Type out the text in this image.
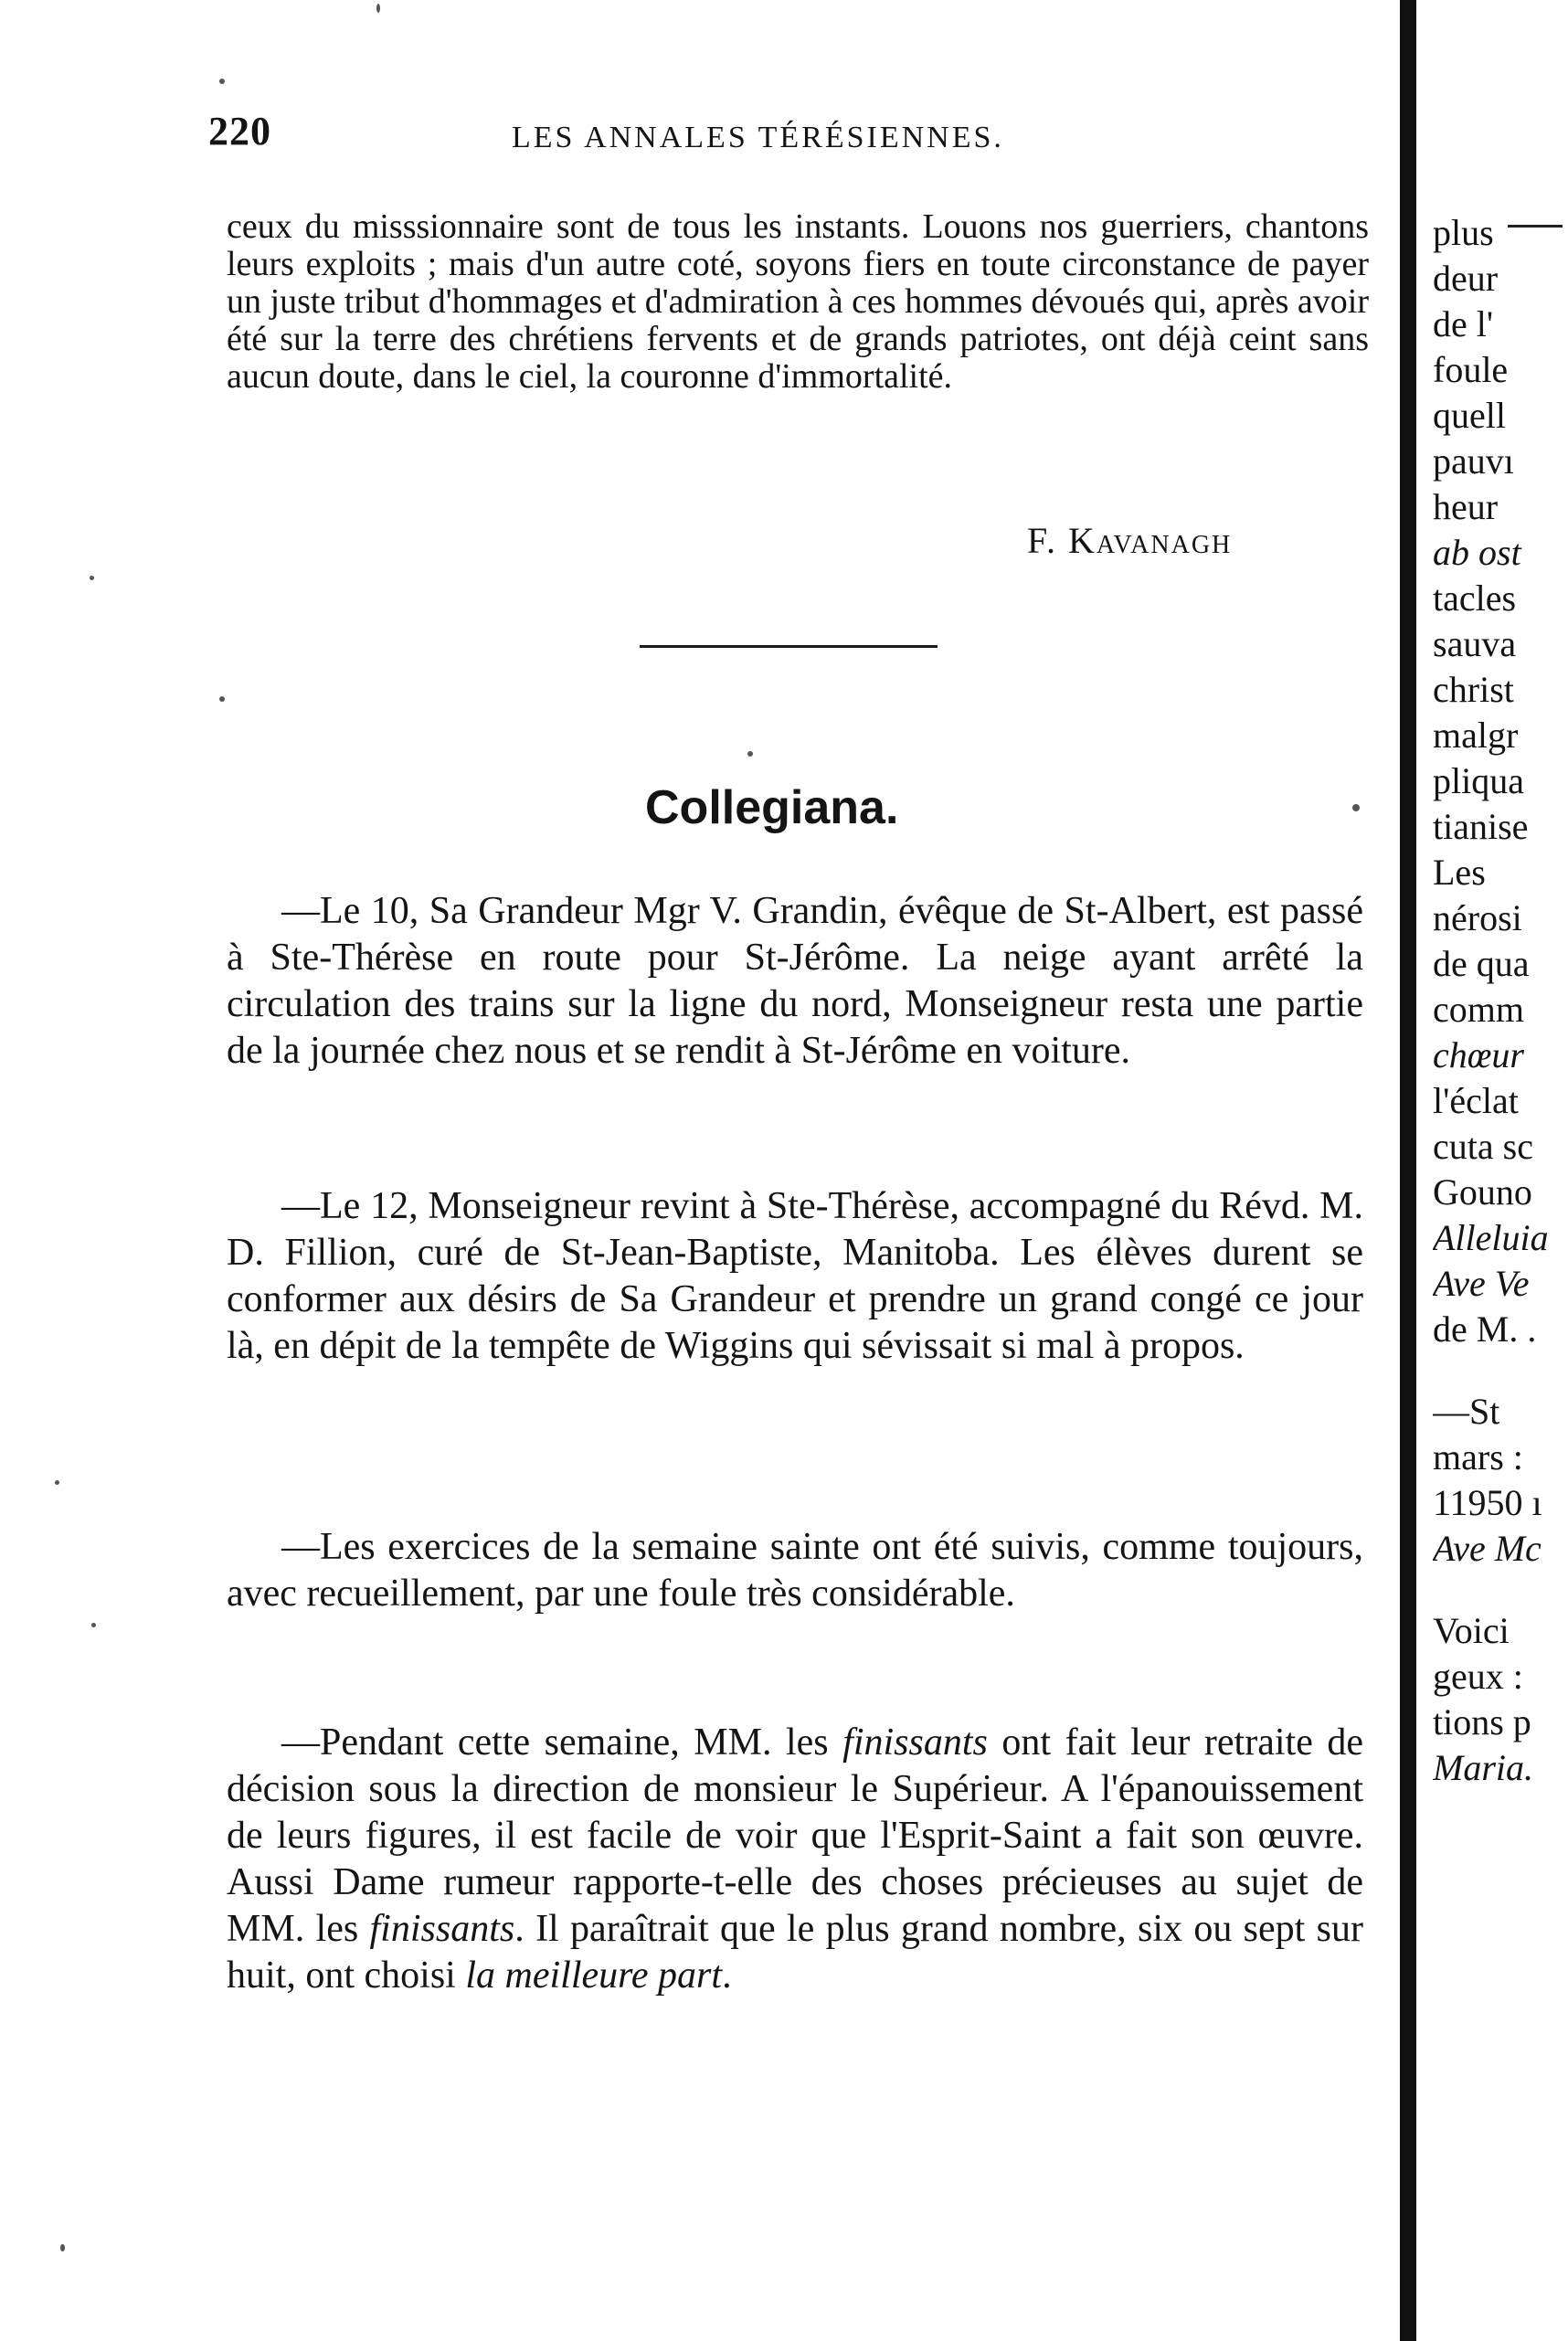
220	LES ANNALES TÉRÉSIENNES.

ceux du misssionnaire sont de tous les instants. Louons nos guerriers, chantons leurs exploits ; mais d'un autre coté, soyons fiers en toute circonstance de payer un juste tribut d'hommages et d'admiration à ces hommes dévoués qui, après avoir été sur la terre des chrétiens fervents et de grands patriotes, ont déjà ceint sans aucun doute, dans le ciel, la couronne d'immortalité.

F. Kavanagh
Collegiana.

—Le 10, Sa Grandeur Mgr V. Grandin, évêque de St-Albert, est passé à Ste-Thérèse en route pour St-Jérôme. La neige ayant arrêté la circulation des trains sur la ligne du nord, Monseigneur resta une partie de la journée chez nous et se rendit à St-Jérôme en voiture.

—Le 12, Monseigneur revint à Ste-Thérèse, accompagné du Révd. M. D. Fillion, curé de St-Jean-Baptiste, Manitoba. Les élèves durent se conformer aux désirs de Sa Grandeur et prendre un grand congé ce jour là, en dépit de la tempête de Wiggins qui sévissait si mal à propos.

—Les exercices de la semaine sainte ont été suivis, comme toujours, avec recueillement, par une foule très considérable.

—Pendant cette semaine, MM. les finissants ont fait leur retraite de décision sous la direction de monsieur le Supérieur. A l'épanouissement de leurs figures, il est facile de voir que l'Esprit-Saint a fait son œuvre. Aussi Dame rumeur rapporte-t-elle des choses précieuses au sujet de MM. les finissants. Il paraîtrait que le plus grand nombre, six ou sept sur huit, ont choisi la meilleure part.

plus
deur
de l'
foule
quell
pauvı
heur
ab ost
tacles
sauva
christ
malgr
pliqua
tianise
Les
nérosi
de qua
comm
chœur
l'éclat
cuta sc
Gouno
Alleluia
Ave Ve
de M. .
—St
mars :
11950 ı
Ave Mc
Voici
geux :
tions p
Maria.
